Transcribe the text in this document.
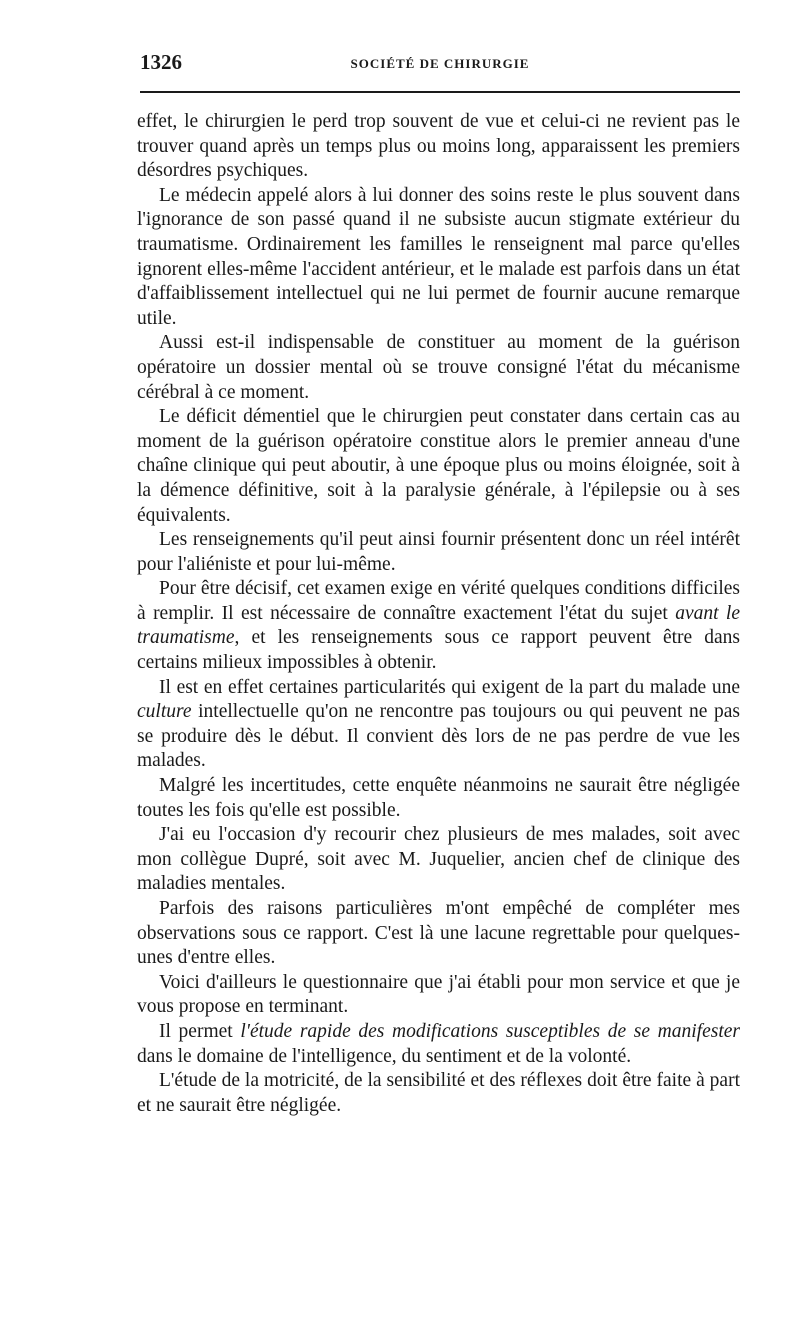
1326	SOCIÉTÉ DE CHIRURGIE

effet, le chirurgien le perd trop souvent de vue et celui-ci ne revient pas le trouver quand après un temps plus ou moins long, apparaissent les premiers désordres psychiques.

Le médecin appelé alors à lui donner des soins reste le plus souvent dans l'ignorance de son passé quand il ne subsiste aucun stigmate extérieur du traumatisme. Ordinairement les familles le renseignent mal parce qu'elles ignorent elles-même l'accident antérieur, et le malade est parfois dans un état d'affaiblissement intellectuel qui ne lui permet de fournir aucune remarque utile.

Aussi est-il indispensable de constituer au moment de la guérison opératoire un dossier mental où se trouve consigné l'état du mécanisme cérébral à ce moment.

Le déficit démentiel que le chirurgien peut constater dans certain cas au moment de la guérison opératoire constitue alors le premier anneau d'une chaîne clinique qui peut aboutir, à une époque plus ou moins éloignée, soit à la démence définitive, soit à la paralysie générale, à l'épilepsie ou à ses équivalents.

Les renseignements qu'il peut ainsi fournir présentent donc un réel intérêt pour l'aliéniste et pour lui-même.

Pour être décisif, cet examen exige en vérité quelques conditions difficiles à remplir. Il est nécessaire de connaître exactement l'état du sujet avant le traumatisme, et les renseignements sous ce rapport peuvent être dans certains milieux impossibles à obtenir.

Il est en effet certaines particularités qui exigent de la part du malade une culture intellectuelle qu'on ne rencontre pas toujours ou qui peuvent ne pas se produire dès le début. Il convient dès lors de ne pas perdre de vue les malades.

Malgré les incertitudes, cette enquête néanmoins ne saurait être négligée toutes les fois qu'elle est possible.

J'ai eu l'occasion d'y recourir chez plusieurs de mes malades, soit avec mon collègue Dupré, soit avec M. Juquelier, ancien chef de clinique des maladies mentales.

Parfois des raisons particulières m'ont empêché de compléter mes observations sous ce rapport. C'est là une lacune regrettable pour quelques-unes d'entre elles.

Voici d'ailleurs le questionnaire que j'ai établi pour mon service et que je vous propose en terminant.

Il permet l'étude rapide des modifications susceptibles de se manifester dans le domaine de l'intelligence, du sentiment et de la volonté.

L'étude de la motricité, de la sensibilité et des réflexes doit être faite à part et ne saurait être négligée.
